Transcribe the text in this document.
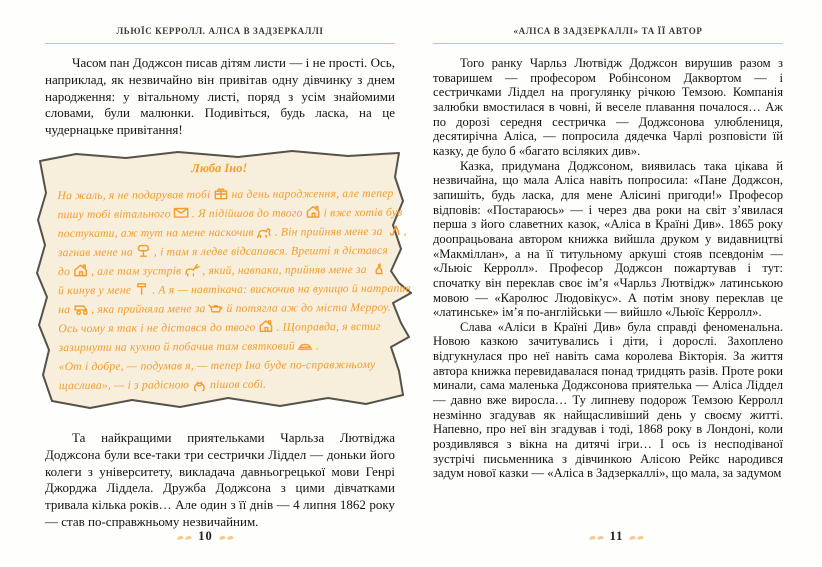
ЛЬЮЇС КЕРРОЛЛ. АЛІСА В ЗАДЗЕРКАЛЛІ

Часом пан Доджсон писав дітям листи — і не прості. Ось, наприклад, як незвичайно він привітав одну дівчинку з днем народження: у вітальному листі, поряд з усім знайомими словами, були малюнки. Подивіться, будь ласка, на це чудернацьке привітання!

Люба Іно!
На жаль, я не подарував тобі на день народження, але тепер
пишу тобі вітального . Я підійшов до твого і вже хотів був
постукати, аж тут на мене наскочив . Він прийняв мене за ,
загнав мене на , і там я ледве відсапався. Врешті я дістався
до , але там зустрів , який, навпаки, прийняв мене за
й кинув у мене . А я — навтікача: вискочив на вулицю й натрапив
на , яка прийняла мене за й потягла аж до міста Мерроу.
Ось чому я так і не дістався до твого . Щоправда, я встиг
зазирнути на кухню й побачив там святковий .
«От і добре, — подумав я, — тепер Іна буде по-справжньому
щаслива», — і з радісною пішов собі.

Та найкращими приятельками Чарльза Лютвіджа Доджсона були все-таки три сестрички Ліддел — доньки його колеги з університету, викладача давньогрецької мови Генрі Джорджа Ліддела. Дружба Доджсона з цими дівчатками тривала кілька років… Але один з її днів — 4 липня 1862 року — став по-справжньому незвичайним.

10
«АЛІСА В ЗАДЗЕРКАЛЛІ» ТА ЇЇ АВТОР

Того ранку Чарльз Лютвідж Доджсон вирушив разом з товаришем — професором Робінсоном Даквортом — і сестричками Ліддел на прогулянку річкою Темзою. Компанія залюбки вмостилася в човні, й веселе плавання почалося… Аж по дорозі середня сестричка — Доджсонова улюблениця, десятирічна Аліса, — попросила дядечка Чарлі розповісти їй казку, де було б «багато всіляких див».

Казка, придумана Доджсоном, виявилась така цікава й незвичайна, що мала Аліса навіть попросила: «Пане Доджсон, запишіть, будь ласка, для мене Алісині пригоди!» Професор відповів: «Постараюсь» — і через два роки на світ з’явилася перша з його славетних казок, «Аліса в Країні Див». 1865 року доопрацьована автором книжка вийшла друком у видавництві «Макміллан», а на її титульному аркуші стояв псевдонім — «Льюіс Керролл». Професор Доджсон пожартував і тут: спочатку він переклав своє ім’я «Чарльз Лютвідж» латинською мовою — «Каролюс Людовікус». А потім знову переклав це «латинське» ім’я по-англійськи — вийшло «Льюїс Керролл».

Слава «Аліси в Країні Див» була справді феноменальна. Новою казкою зачитувались і діти, і дорослі. Захоплено відгукнулася про неї навіть сама королева Вікторія. За життя автора книжка перевидавалася понад тридцять разів. Проте роки минали, сама маленька Доджсонова приятелька — Аліса Ліддел — давно вже виросла… Ту липневу подорож Темзою Керролл незмінно згадував як найщасливіший день у своєму житті. Напевно, про неї він згадував і тоді, 1868 року в Лондоні, коли роздивлявся з вікна на дитячі ігри… І ось із несподіваної зустрічі письменника з дівчинкою Алісою Рейкс народився задум нової казки — «Аліса в Задзеркаллі», що мала, за задумом

11
